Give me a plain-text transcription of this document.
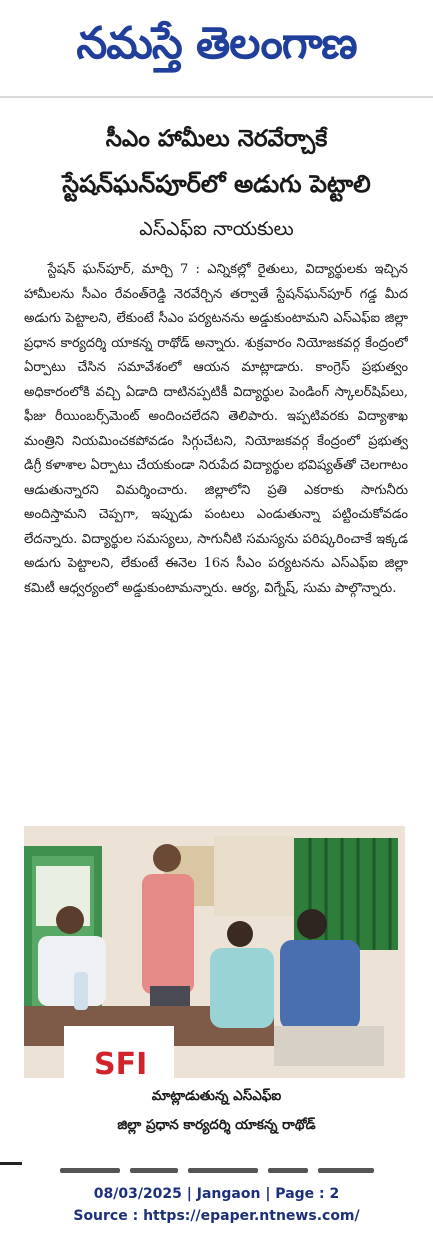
నమస్తే తెలంగాణ
సీఎం హామీలు నెరవేర్చాకే
స్టేషన్‌ఘన్‌పూర్‌లో అడుగు పెట్టాలి
ఎస్‌ఎఫ్‌ఐ నాయకులు
స్టేషన్ ఘన్‌పూర్, మార్చి 7 : ఎన్నికల్లో రైతులు, విద్యార్థులకు ఇచ్చిన హామీలను సీఎం రేవంత్‌రెడ్డి నెరవేర్చిన తర్వాతే స్టేషన్‌ఘన్‌పూర్ గడ్డ మీద అడుగు పెట్టాలని, లేకుంటే సీఎం పర్యటనను అడ్డుకుంటామని ఎస్‌ఎఫ్‌ఐ జిల్లా ప్రధాన కార్యదర్శి యాకన్న రాథోడ్ అన్నారు. శుక్రవారం నియోజకవర్గ కేంద్రంలో ఏర్పాటు చేసిన సమావేశంలో ఆయన మాట్లాడారు. కాంగ్రెస్ ప్రభుత్వం అధికారంలోకి వచ్చి ఏడాది దాటినప్పటికీ విద్యార్థుల పెండింగ్ స్కాలర్‌షిప్‌లు, ఫీజు రీయింబర్స్‌మెంట్ అందించలేదని తెలిపారు. ఇప్పటివరకు విద్యాశాఖ మంత్రిని నియమించకపోవడం సిగ్గుచేటని, నియోజకవర్గ కేంద్రంలో ప్రభుత్వ డిగ్రీ కళాశాల ఏర్పాటు చేయకుండా నిరుపేద విద్యార్థుల భవిష్యత్‌తో చెలగాటం ఆడుతున్నారని విమర్శించారు. జిల్లాలోని ప్రతి ఎకరాకు సాగునీరు అందిస్తామని చెప్పగా, ఇప్పుడు పంటలు ఎండుతున్నా పట్టించుకోవడం లేదన్నారు. విద్యార్థుల సమస్యలు, సాగునీటి సమస్యను పరిష్కరించాకే ఇక్కడ అడుగు పెట్టాలని, లేకుంటే ఈనెల 16న సీఎం పర్యటనను ఎస్‌ఎఫ్‌ఐ జిల్లా కమిటీ ఆధ్వర్యంలో అడ్డుకుంటామన్నారు. ఆర్య, విగ్నేష్, సుమ పాల్గొన్నారు.
SFI
మాట్లాడుతున్న ఎస్‌ఎఫ్‌ఐ
జిల్లా ప్రధాన కార్యదర్శి యాకన్న రాథోడ్
08/03/2025 | Jangaon | Page : 2
Source : https://epaper.ntnews.com/
